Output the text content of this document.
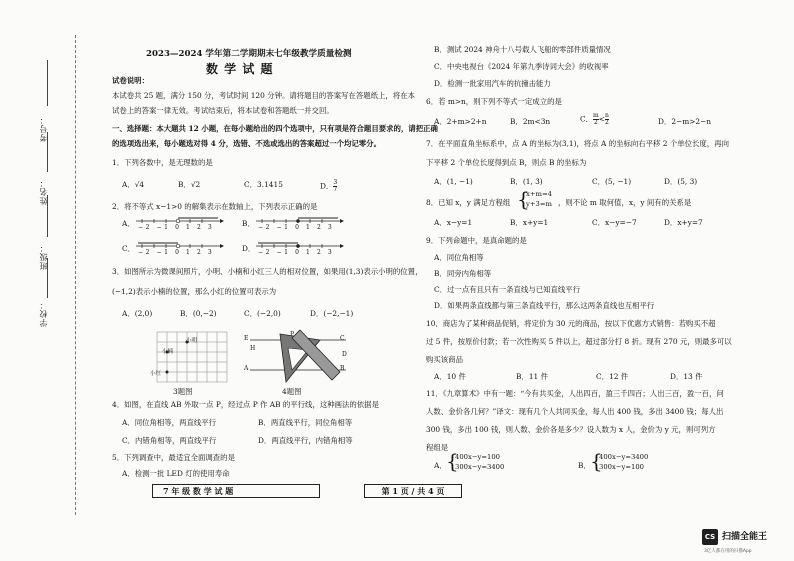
学校：
班级：
姓名：
考号：
2023—2024 学年第二学期期末七年级教学质量检测
数 学 试 题
试卷说明：
本试卷共 25 题，满分 150 分，考试时间 120 分钟。请将题目的答案写在答题纸上，将在本
试卷上的答案一律无效。考试结束后，将本试卷和答题纸一并交回。
一、选择题：本大题共 12 小题，在每小题给出的四个选项中，只有项是符合题目要求的，请把正确
的选项选出来，每小题选对得 4 分，选错、不选或选出的答案超过一个均记零分。
1．下列各数中，是无理数的是
A．√4	B．√2	C．3.1415	D． $\frac{3}{7}$
2．将不等式 x−1>0 的解集表示在数轴上，下列表示正确的是
A．	B．
C．	D．
−2 −1 0 1 2 3	−2 −1 0 1 2 3
−2 −1 0 1 2 3	−2 −1 0 1 2 3
3．如图所示为微课间照片，小明、小楠和小红三人的相对位置，如果用(1,3)表示小明的位置，
(−1,2)表示小楠的位置，那么小红的位置可表示为
A．(2,0)	B．(0,−2)	C．(−2,0)	D．(−2,−1)
小明
小楠
小红
3题图
E	C
H
A	B
P
D
4题图
4．如图，在直线 AB 外取一点 P，经过点 P 作 AB 的平行线，这种画法的依据是
A．同位角相等，两直线平行	B．两直线平行，同位角相等
C．内错角相等，两直线平行	D．两直线平行，内错角相等
5．下列调查中，最适宜全面调查的是
A．检测一批 LED 灯的使用寿命
7 年 级 数 学 试 题
B．测试 2024 神舟十八号载人飞船的零部件质量情况
C．中央电视台《2024 年第九季诗词大会》的收视率
D．检测一批家用汽车的抗撞击能力
6．若 m>n，则下列不等式一定成立的是
A．2+m>2+n	B．2m<3n	C． $\frac{m}{2} < \frac{n}{2}$	D．2−m>2−n
7．在平面直角坐标系中，点 A 的坐标为(3,1)，将点 A 的坐标向右平移 2 个单位长度，再向
下平移 2 个单位长度得到点 B，则点 B 的坐标为
A．(1, −1)	B．(1, 3)	C．(5, −1)	D．(5, 3)
8．已知 x，y 满足方程组 {
x+m=4
y+3=m ，则不论 m 取何值，x，y 间有的关系是
A．x−y=1	B．x+y=1	C．x−y=−7	D．x+y=7
9．下列命题中，是真命题的是
A．同位角相等
B．同旁内角相等
C．过一点有且只有一条直线与已知直线平行
D．如果两条直线都与第三条直线平行，那么这两条直线也互相平行
10．商店为了某种商品促销，将定价为 30 元的商品，按以下优惠方式销售：若购买不超
过 5 件，按原价付款；若一次性购买 5 件以上，超过部分打 8 折。现有 270 元，则最多可以
购买该商品
A．10 件	B．11 件	C．12 件	D．13 件
11．《九章算术》中有一题：“今有共买金，人出四百，盈三千四百；人出三百，盈一百，问
人数、金价各几何？”译文：现有几个人共同买金，每人出 400 钱，多出 3400 钱；每人出
300 钱，多出 100 钱，则人数、金价各是多少？设人数为 x 人，金价为 y 元，则可列方
程组是
A． {
400x−y=100
300x−y=3400	B． {
400x−y=3400
300x−y=100
第 1 页 / 共 4 页
CS 扫描全能王
3亿人都在用的扫描App
